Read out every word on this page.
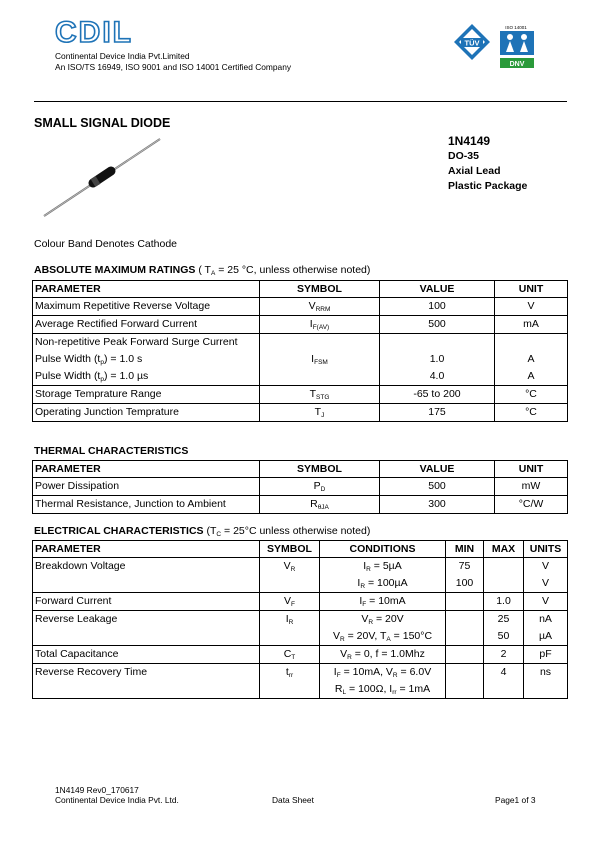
CDIL
Continental Device India Pvt.Limited
An ISO/TS 16949, ISO 9001 and ISO 14001 Certified Company
TÜV
ISO 14001
DNV
SMALL SIGNAL DIODE
1N4149
DO-35
Axial Lead
Plastic Package
Colour Band Denotes Cathode
ABSOLUTE MAXIMUM RATINGS ( $T_A = 25$ °C, unless otherwise noted)
PARAMETER	SYMBOL	VALUE	UNIT
Maximum Repetitive Reverse Voltage	$V_{RRM}$	100	V
Average Rectified Forward Current	$I_{F(AV)}$	500	mA
Non-repetitive Peak Forward Surge Current			
Pulse Width $(t_p) = 1.0$ s	$I_{FSM}$	1.0	A
Pulse Width $(t_p) = 1.0$ µs		4.0	A
Storage Temprature Range	$T_{STG}$	-65 to 200	°C
Operating Junction Temprature	$T_J$	175	°C
THERMAL CHARACTERISTICS
PARAMETER	SYMBOL	VALUE	UNIT
Power Dissipation	$P_D$	500	mW
Thermal Resistance, Junction to Ambient	$R_{\theta JA}$	300	°C/W
ELECTRICAL CHARACTERISTICS ($T_C = 25^\circ C$ unless otherwise noted)
PARAMETER	SYMBOL	CONDITIONS	MIN	MAX	UNITS
Breakdown Voltage	$V_R$	$I_R = 5\mu A$	75		V
		$I_R = 100\mu A$	100		V
Forward Current	$V_F$	$I_F = 10mA$		1.0	V
Reverse Leakage	$I_R$	$V_R = 20V$		25	nA
		$V_R = 20V$, $T_A = 150^\circ C$		50	µA
Total Capacitance	$C_T$	$V_R = 0$, f = 1.0Mhz		2	pF
Reverse Recovery Time	$t_{rr}$	$I_F = 10mA$, $V_R = 6.0V$		4	ns
		$R_L = 100\Omega$, $I_{rr} = 1mA$			
1N4149 Rev0_170617
Continental Device India Pvt. Ltd.	Data Sheet	Page1 of 3
